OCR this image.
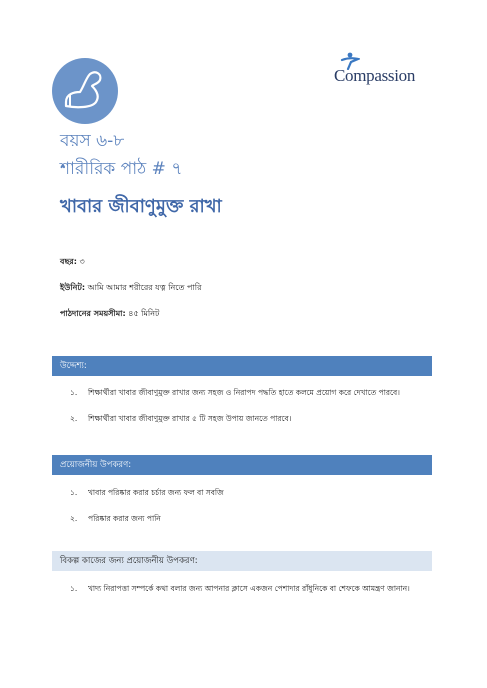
Compassion
বয়স ৬-৮
শারীরিক পাঠ # ৭
খাবার জীবাণুমুক্ত রাখা
বছর: ৩
ইউনিট: আমি আমার শরীরের যত্ন নিতে পারি
পাঠদানের সময়সীমা: ৪৫ মিনিট
উদ্দেশ্য:
১. শিক্ষার্থীরা খাবার জীবাণুমুক্ত রাখার জন্য সহজ ও নিরাপদ পদ্ধতি হাতে কলমে প্রয়োগ করে দেখাতে পারবে।
২. শিক্ষার্থীরা খাবার জীবাণুমুক্ত রাখার ৫ টি সহজ উপায় জানতে পারবে।
প্রয়োজনীয় উপকরণ:
১. খাবার পরিষ্কার করার চর্চার জন্য ফল বা সবজি
২. পরিষ্কার করার জন্য পানি
বিকল্প কাজের জন্য প্রয়োজনীয় উপকরণ:
১. খাদ্য নিরাপত্তা সম্পর্কে কথা বলার জন্য আপনার ক্লাসে একজন পেশাদার রাঁধুনিকে বা শেফকে আমন্ত্রণ জানান।
